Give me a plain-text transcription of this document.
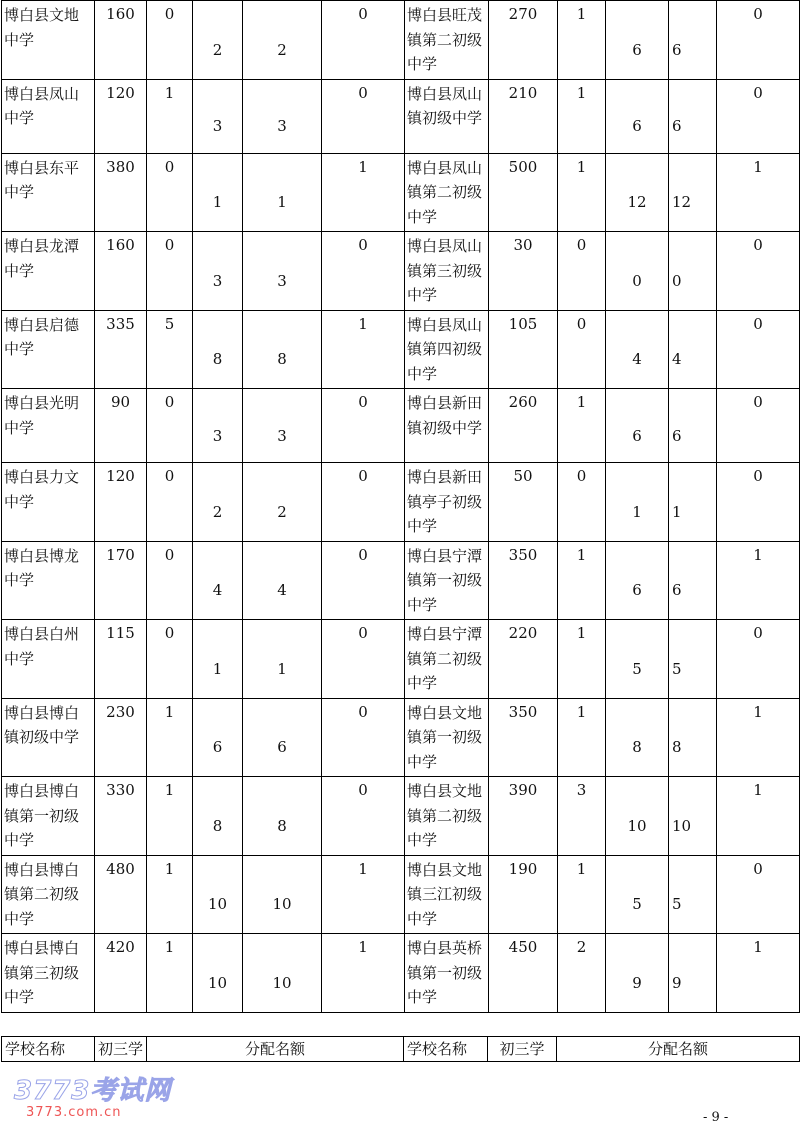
博白县文地中学	160	0	2	2	0	博白县旺茂镇第二初级中学	270	1	6	6	0
博白县凤山中学	120	1	3	3	0	博白县凤山镇初级中学	210	1	6	6	0
博白县东平中学	380	0	1	1	1	博白县凤山镇第二初级中学	500	1	12	12	1
博白县龙潭中学	160	0	3	3	0	博白县凤山镇第三初级中学	30	0	0	0	0
博白县启德中学	335	5	8	8	1	博白县凤山镇第四初级中学	105	0	4	4	0
博白县光明中学	90	0	3	3	0	博白县新田镇初级中学	260	1	6	6	0
博白县力文中学	120	0	2	2	0	博白县新田镇亭子初级中学	50	0	1	1	0
博白县博龙中学	170	0	4	4	0	博白县宁潭镇第一初级中学	350	1	6	6	1
博白县白州中学	115	0	1	1	0	博白县宁潭镇第二初级中学	220	1	5	5	0
博白县博白镇初级中学	230	1	6	6	0	博白县文地镇第一初级中学	350	1	8	8	1
博白县博白镇第一初级中学	330	1	8	8	0	博白县文地镇第二初级中学	390	3	10	10	1
博白县博白镇第二初级中学	480	1	10	10	1	博白县文地镇三江初级中学	190	1	5	5	0
博白县博白镇第三初级中学	420	1	10	10	1	博白县英桥镇第一初级中学	450	2	9	9	1
学校名称	初三学	分配名额	学校名称	初三学	分配名额
3773考试网
3773.com.cn	- 9 -
